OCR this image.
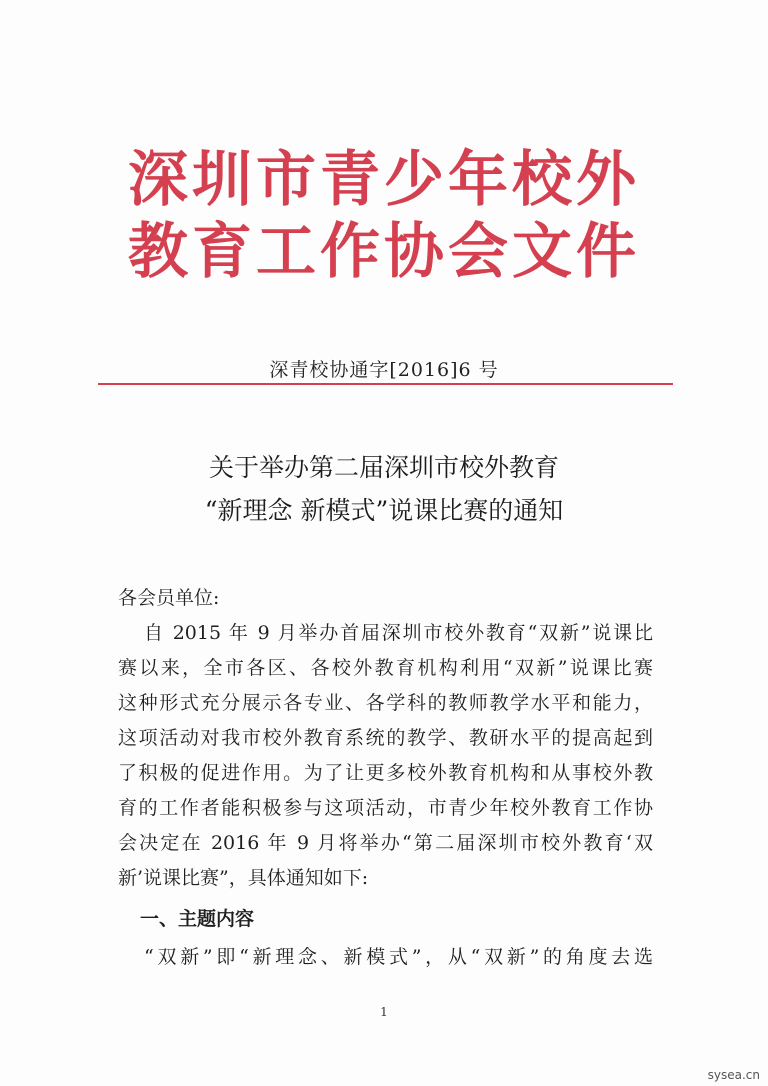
深圳市青少年校外
教育工作协会文件
深青校协通字[2016]6 号
关于举办第二届深圳市校外教育
“新理念 新模式”说课比赛的通知
各会员单位:
自 2015 年 9 月举办首届深圳市校外教育“双新”说课比
赛以来，全市各区、各校外教育机构利用“双新”说课比赛
这种形式充分展示各专业、各学科的教师教学水平和能力，
这项活动对我市校外教育系统的教学、教研水平的提高起到
了积极的促进作用。为了让更多校外教育机构和从事校外教
育的工作者能积极参与这项活动，市青少年校外教育工作协
会决定在 2016 年 9 月将举办“第二届深圳市校外教育‘双
新’说课比赛”，具体通知如下:
一、主题内容
“双新”即“新理念、新模式”，从“双新”的角度去选
1
sysea.cn
